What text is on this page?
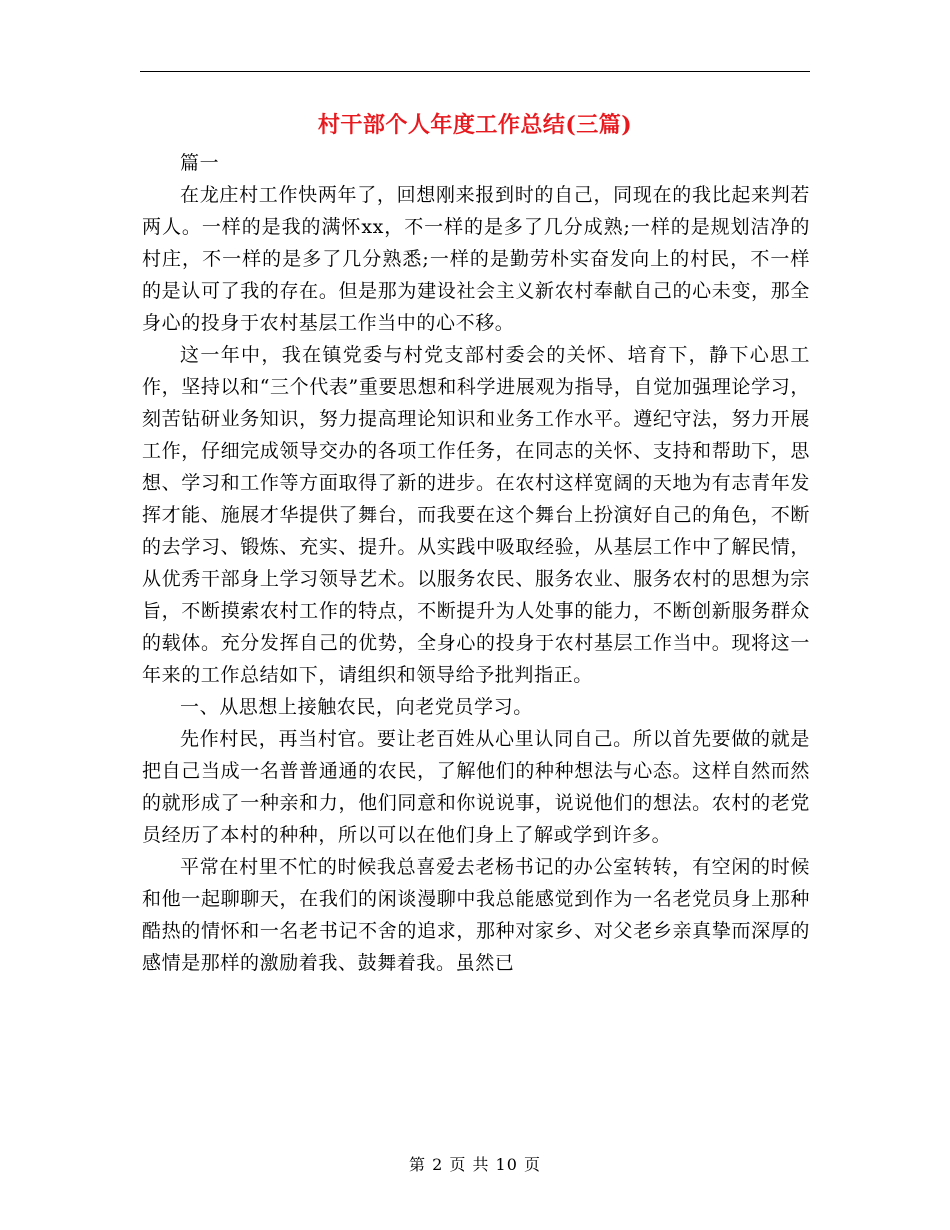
村干部个人年度工作总结(三篇)

篇一

在龙庄村工作快两年了，回想刚来报到时的自己，同现在的我比起来判若两人。一样的是我的满怀xx，不一样的是多了几分成熟;一样的是规划洁净的村庄，不一样的是多了几分熟悉;一样的是勤劳朴实奋发向上的村民，不一样的是认可了我的存在。但是那为建设社会主义新农村奉献自己的心未变，那全身心的投身于农村基层工作当中的心不移。

这一年中，我在镇党委与村党支部村委会的关怀、培育下，静下心思工作，坚持以和“三个代表”重要思想和科学进展观为指导，自觉加强理论学习，刻苦钻研业务知识，努力提高理论知识和业务工作水平。遵纪守法，努力开展工作，仔细完成领导交办的各项工作任务，在同志的关怀、支持和帮助下，思想、学习和工作等方面取得了新的进步。在农村这样宽阔的天地为有志青年发挥才能、施展才华提供了舞台，而我要在这个舞台上扮演好自己的角色，不断的去学习、锻炼、充实、提升。从实践中吸取经验，从基层工作中了解民情，从优秀干部身上学习领导艺术。以服务农民、服务农业、服务农村的思想为宗旨，不断摸索农村工作的特点，不断提升为人处事的能力，不断创新服务群众的载体。充分发挥自己的优势，全身心的投身于农村基层工作当中。现将这一年来的工作总结如下，请组织和领导给予批判指正。

一、从思想上接触农民，向老党员学习。

先作村民，再当村官。要让老百姓从心里认同自己。所以首先要做的就是把自己当成一名普普通通的农民，了解他们的种种想法与心态。这样自然而然的就形成了一种亲和力，他们同意和你说说事，说说他们的想法。农村的老党员经历了本村的种种，所以可以在他们身上了解或学到许多。

平常在村里不忙的时候我总喜爱去老杨书记的办公室转转，有空闲的时候和他一起聊聊天，在我们的闲谈漫聊中我总能感觉到作为一名老党员身上那种酷热的情怀和一名老书记不舍的追求，那种对家乡、对父老乡亲真挚而深厚的感情是那样的激励着我、鼓舞着我。虽然已

第 2 页 共 10 页
